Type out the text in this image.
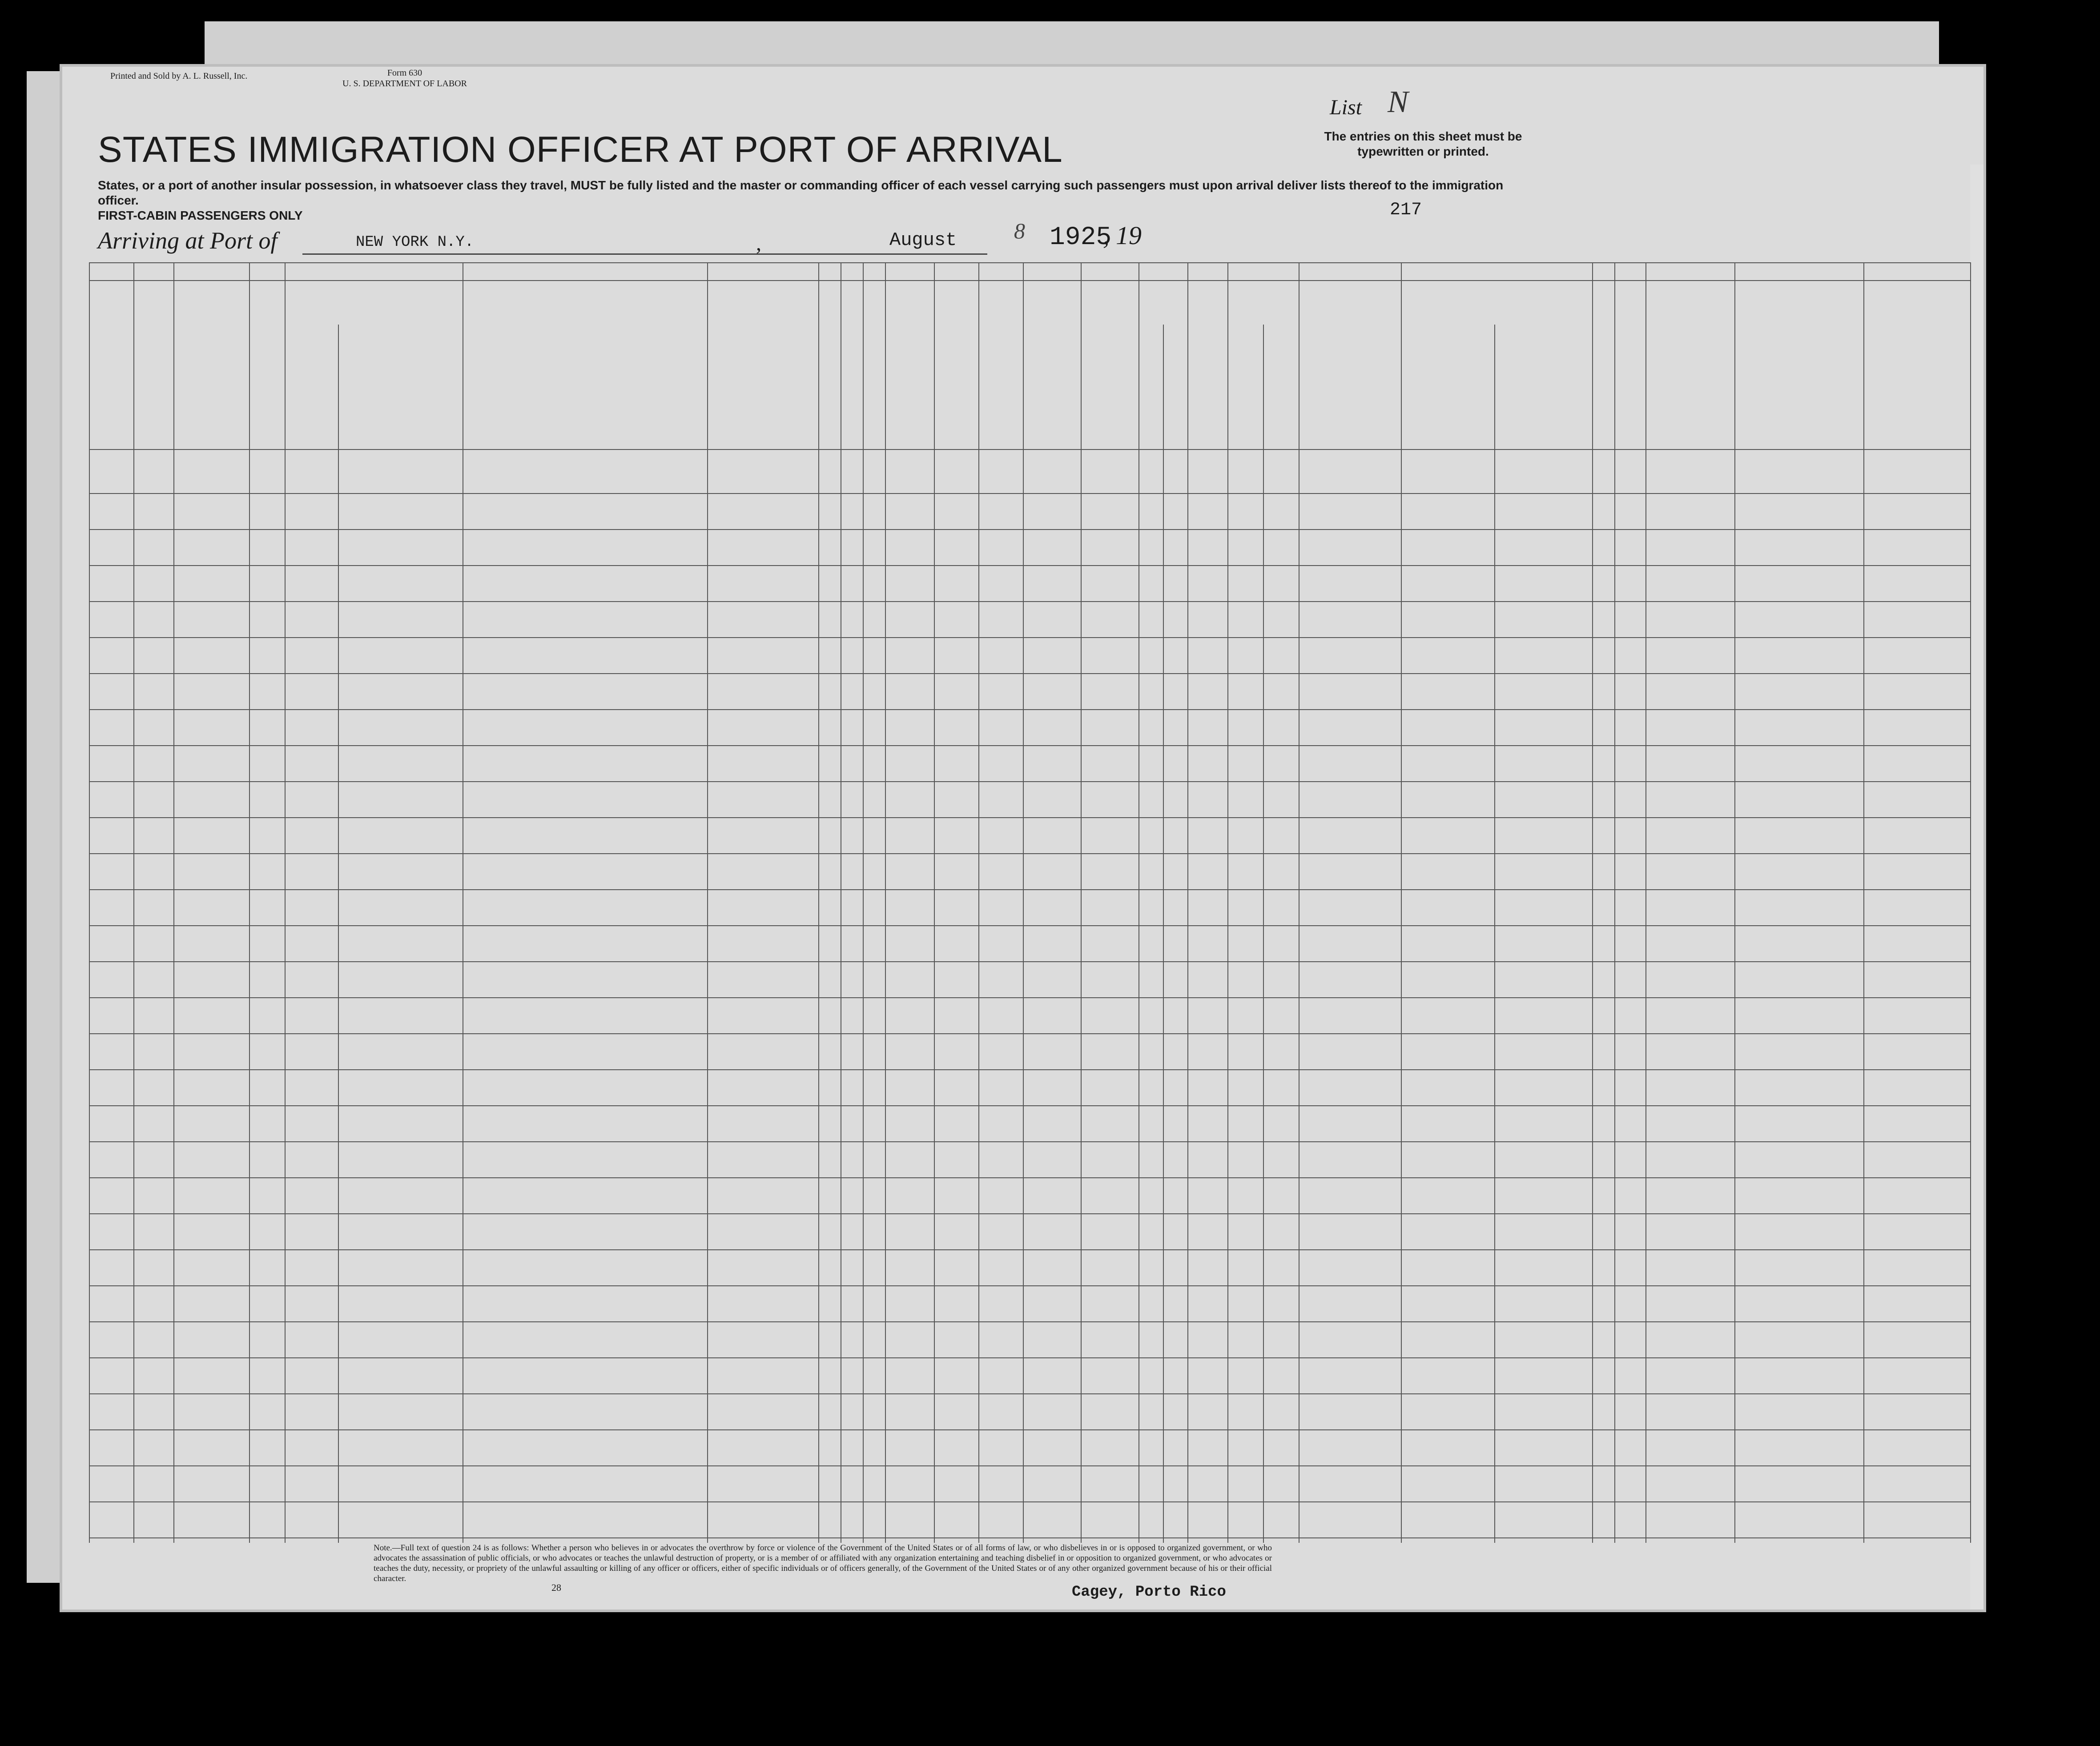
Printed and Sold by A. L. Russell, Inc.	Form 630
U. S. DEPARTMENT OF LABOR
List N
STATES IMMIGRATION OFFICER AT PORT OF ARRIVAL	The entries on this sheet must be typewritten or printed.
States, or a port of another insular possession, in whatsoever class they travel, MUST be fully listed and the master or commanding officer of each vessel carrying such passengers must upon arrival deliver lists thereof to the immigration officer.
FIRST-CABIN PASSENGERS ONLY	217
Arriving at Port of	NEW YORK N.Y.	,	August	8 1925
, 19
Note.—Full text of question 24 is as follows: Whether a person who believes in or advocates the overthrow by force or violence of the Government of the United States or of all forms of law, or who disbelieves in or is opposed to organized government, or who advocates the assassination of public officials, or who advocates or teaches the unlawful destruction of property, or is a member of or affiliated with any organization entertaining and teaching disbelief in or opposition to organized government, or who advocates or teaches the duty, necessity, or propriety of the unlawful assaulting or killing of any officer or officers, either of specific individuals or of officers generally, of the Government of the United States or of any other organized government because of his or their official character.
28	Cagey, Porto Rico
